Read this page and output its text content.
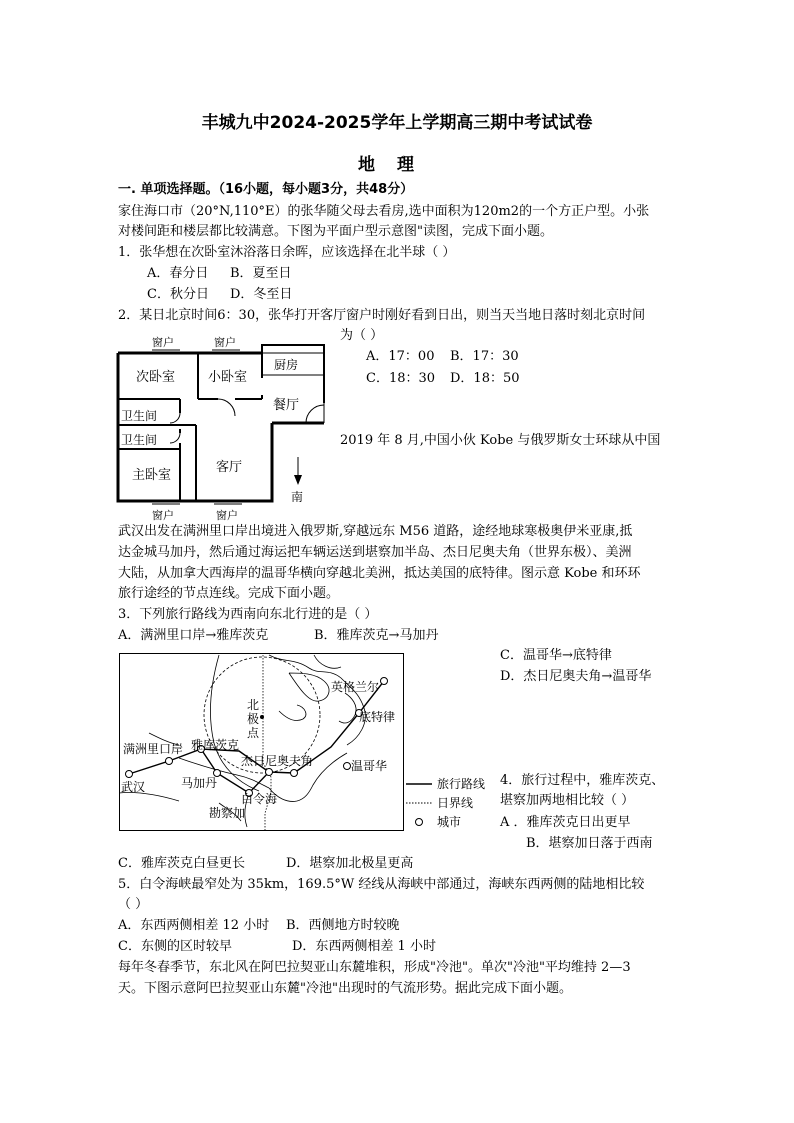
丰城九中2024-2025学年上学期高三期中考试试卷
地理
一. 单项选择题。（16小题，每小题3分，共48分）
家住海口市（20°N,110°E）的张华随父母去看房,选中面积为120m2的一个方正户型。小张
对楼间距和楼层都比较满意。下图为平面户型示意图"读图，完成下面小题。
1．张华想在次卧室沐浴落日余晖，应该选择在北半球（ ）
A．春分日 B．夏至日
C．秋分日 D．冬至日
2．某日北京时间6：30，张华打开客厅窗户时刚好看到日出，则当天当地日落时刻北京时间
为（ ）
A．17：00 B．17：30
C．18：30 D．18：50
窗户	窗户
次卧室	小卧室
厨房
餐厅
卫生间
卫生间
主卧室
客厅
南
窗户	窗户
2019 年 8 月,中国小伙 Kobe 与俄罗斯女士环球从中国
武汉出发在满洲里口岸出境进入俄罗斯,穿越远东 M56 道路，途经地球寒极奥伊米亚康,抵
达金城马加丹，然后通过海运把车辆运送到堪察加半岛、杰日尼奥夫角（世界东极）、美洲
大陆，从加拿大西海岸的温哥华横向穿越北美洲，抵达美国的底特律。图示意 Kobe 和环环
旅行途经的节点连线。完成下面小题。
3．下列旅行路线为西南向东北行进的是（ ）
A．满洲里口岸→雅库茨克	B．雅库茨克→马加丹
C．温哥华→底特律
D．杰日尼奥夫角→温哥华
英格兰 尔
底特律
北
极
点
满洲里口岸 雅库茨克
杰日尼奥夫角	温哥华
马加丹
武汉
白令海
勘察加
旅行路线
日界线
城市
4．旅行过程中，雅库茨克、
堪察加两地相比较（ ）
A ．雅库茨克日出更早
B．堪察加日落于西南
C．雅库茨克白昼更长	D．堪察加北极星更高
5．白令海峡最窄处为 35km，169.5°W 经线从海峡中部通过，海峡东西两侧的陆地相比较
（ ）
A．东西两侧相差 12 小时 B．西侧地方时较晚
C．东侧的区时较早	D．东西两侧相差 1 小时
每年冬春季节，东北风在阿巴拉契亚山东麓堆积，形成"冷池"。单次"冷池"平均维持 2—3
天。下图示意阿巴拉契亚山东麓"冷池"出现时的气流形势。据此完成下面小题。
